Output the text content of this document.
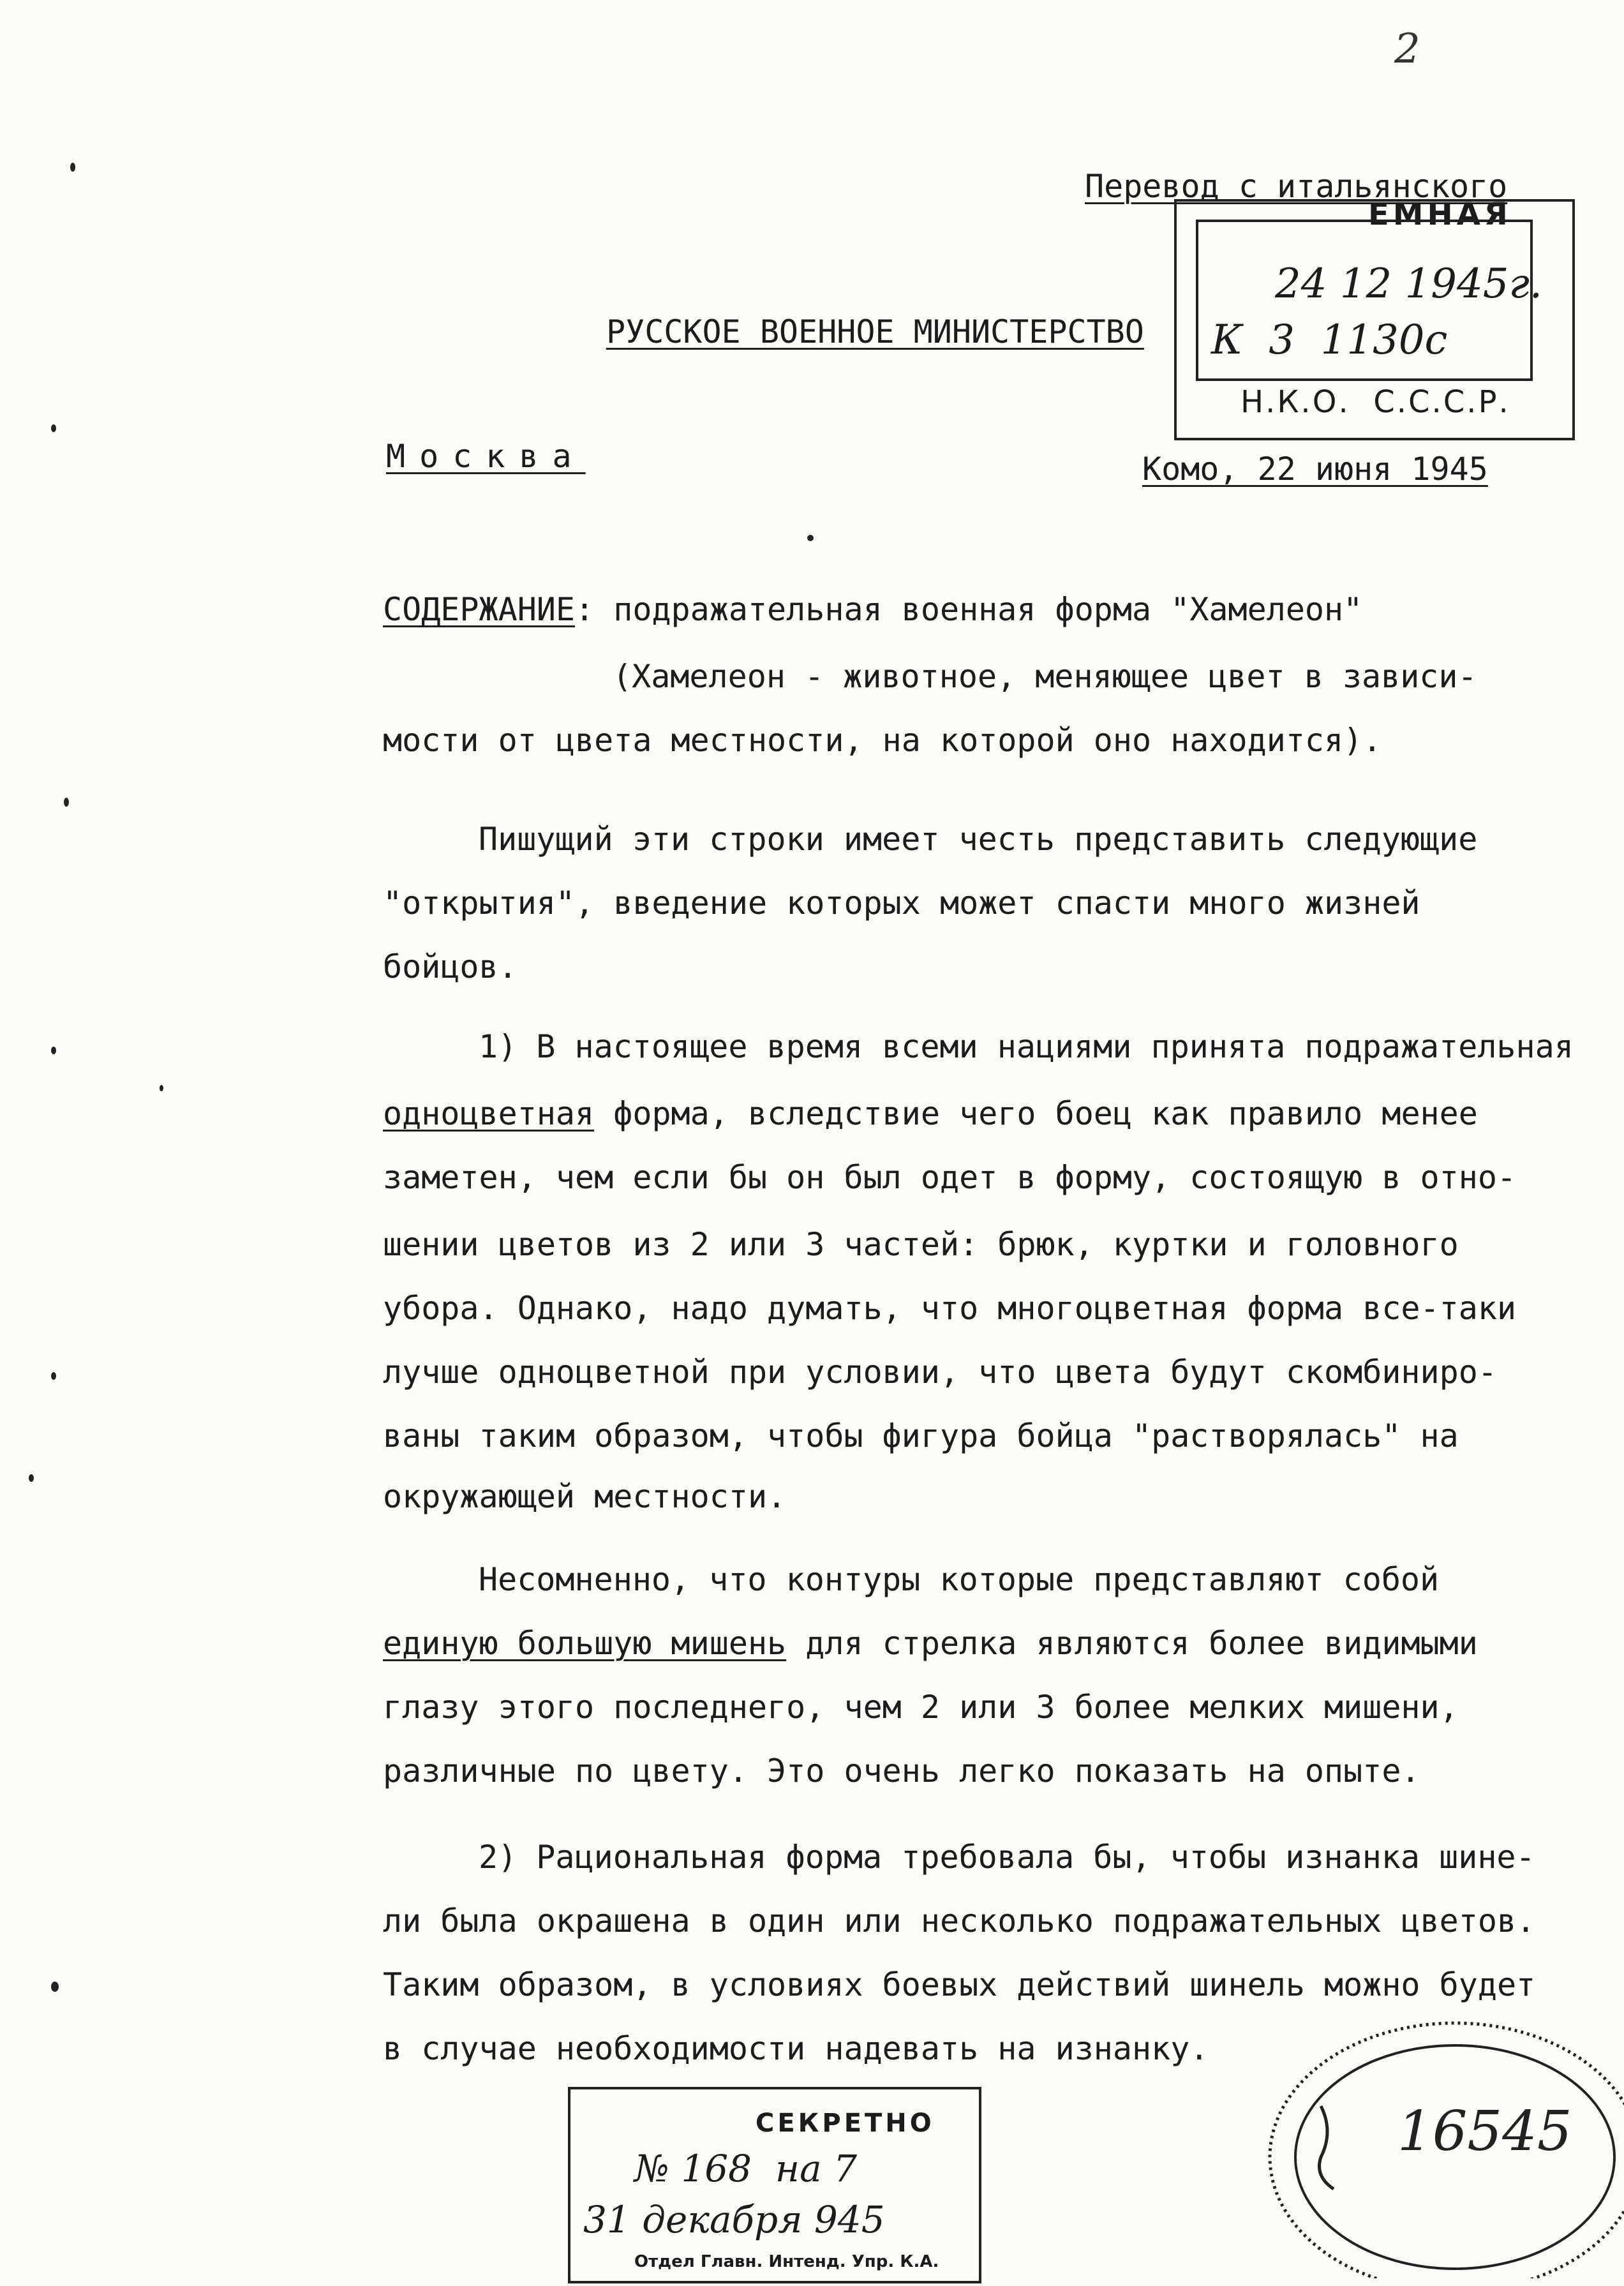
2
Перевод с итальянского
ЕМНАЯ
24 12 1945г.
К  3  1130с
Н.К.О.  С.С.С.Р.
РУССКОЕ ВОЕННОЕ МИНИСТЕРСТВО
Москва	Комо, 22 июня 1945
СОДЕРЖАНИЕ: подражательная военная форма "Хамелеон"
(Хамелеон - животное, меняющее цвет в зависи-
мости от цвета местности, на которой оно находится).
Пишущий эти строки имеет честь представить следующие
"открытия", введение которых может спасти много жизней
бойцов.
1) В настоящее время всеми нациями принята подражательная
одноцветная форма, вследствие чего боец как правило менее
заметен, чем если бы он был одет в форму, состоящую в отно-
шении цветов из 2 или 3 частей: брюк, куртки и головного
убора. Однако, надо думать, что многоцветная форма все-таки
лучше одноцветной при условии, что цвета будут скомбиниро-
ваны таким образом, чтобы фигура бойца "растворялась" на
окружающей местности.
Несомненно, что контуры которые представляют собой
единую большую мишень для стрелка являются более видимыми
глазу этого последнего, чем 2 или 3 более мелких мишени,
различные по цвету. Это очень легко показать на опыте.
2) Рациональная форма требовала бы, чтобы изнанка шине-
ли была окрашена в один или несколько подражательных цветов.
Таким образом, в условиях боевых действий шинель можно будет
в случае необходимости надевать на изнанку.
СЕКРЕТНО
№ 168  на 7
31 декабря 945
Отдел Главн. Интенд. Упр. К.А.
16545
